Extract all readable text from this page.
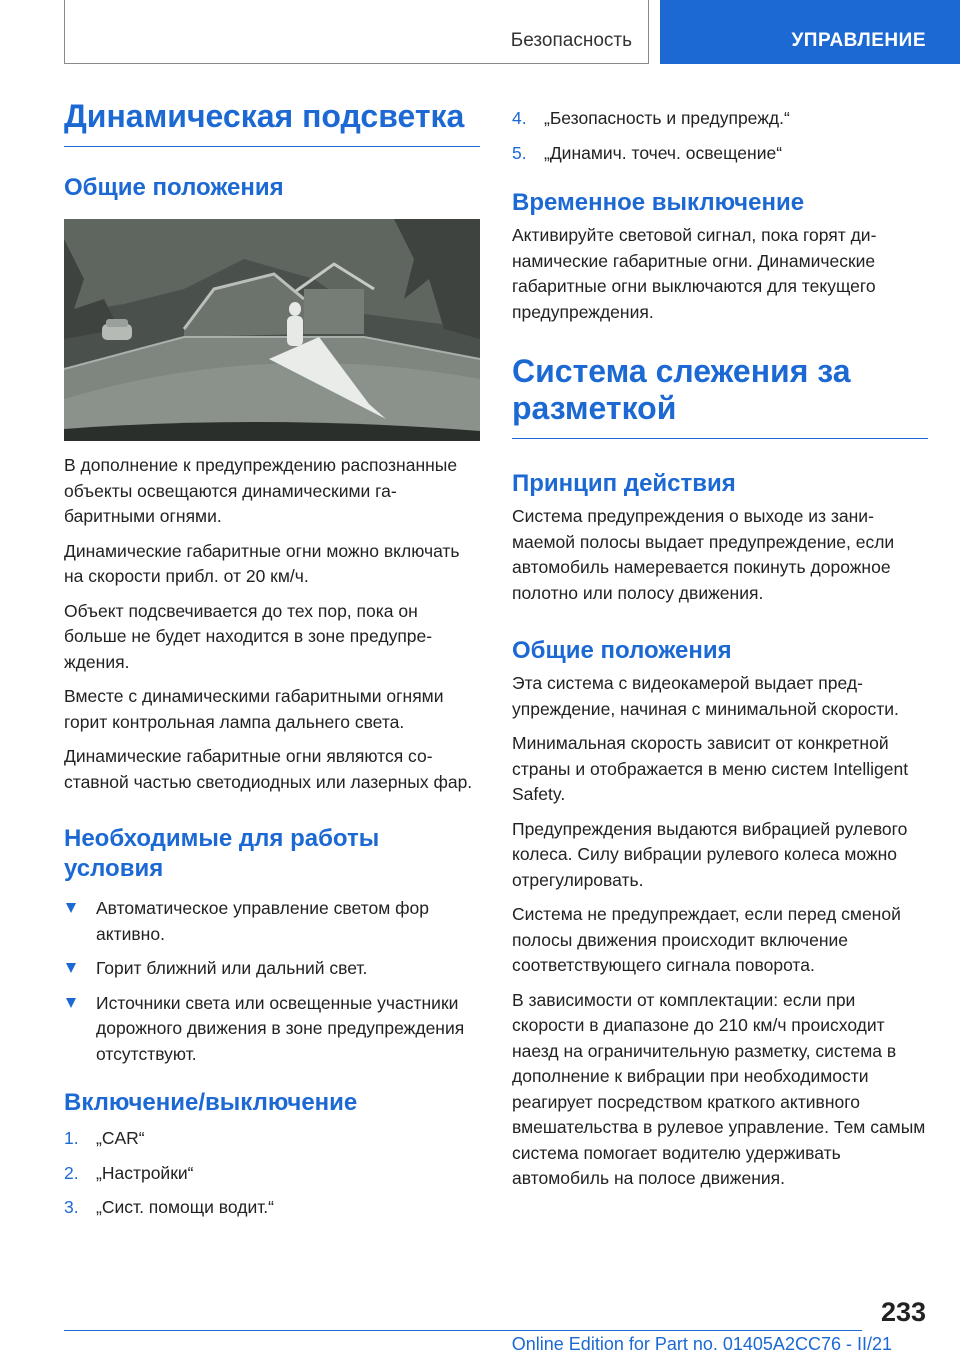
Безопасность	УПРАВЛЕНИЕ
Динамическая подсветка
Общие положения

В дополнение к предупреждению распознанные объекты освещаются динамическими габаритными огнями.

Динамические габаритные огни можно включать на скорости прибл. от 20 км/ч.

Объект подсвечивается до тех пор, пока он больше не будет находится в зоне предупреждения.

Вместе с динамическими габаритными огнями горит контрольная лампа дальнего света.

Динамические габаритные огни являются составной частью светодиодных или лазерных фар.

Необходимые для работы условия
Автоматическое управление светом фор активно.
Горит ближний или дальний свет.
Источники света или освещенные участники дорожного движения в зоне предупреждения отсутствуют.
Включение/выключение
1. „CAR“
2. „Настройки“
3. „Сист. помощи водит.“
4. „Безопасность и предупрежд.“
5. „Динамич. точеч. освещение“
Временное выключение

Активируйте световой сигнал, пока горят динамические габаритные огни. Динамические габаритные огни выключаются для текущего предупреждения.

Система слежения за разметкой
Принцип действия

Система предупреждения о выходе из занимаемой полосы выдает предупреждение, если автомобиль намеревается покинуть дорожное полотно или полосу движения.

Общие положения

Эта система с видеокамерой выдает предупреждение, начиная с минимальной скорости.

Минимальная скорость зависит от конкретной страны и отображается в меню систем Intelligent Safety.

Предупреждения выдаются вибрацией рулевого колеса. Силу вибрации рулевого колеса можно отрегулировать.

Система не предупреждает, если перед сменой полосы движения происходит включение соответствующего сигнала поворота.

В зависимости от комплектации: если при скорости в диапазоне до 210 км/ч происходит наезд на ограничительную разметку, система в дополнение к вибрации при необходимости реагирует посредством краткого активного вмешательства в рулевое управление. Тем самым система помогает водителю удерживать автомобиль на полосе движения.

233
Online Edition for Part no. 01405A2CC76 - II/21
